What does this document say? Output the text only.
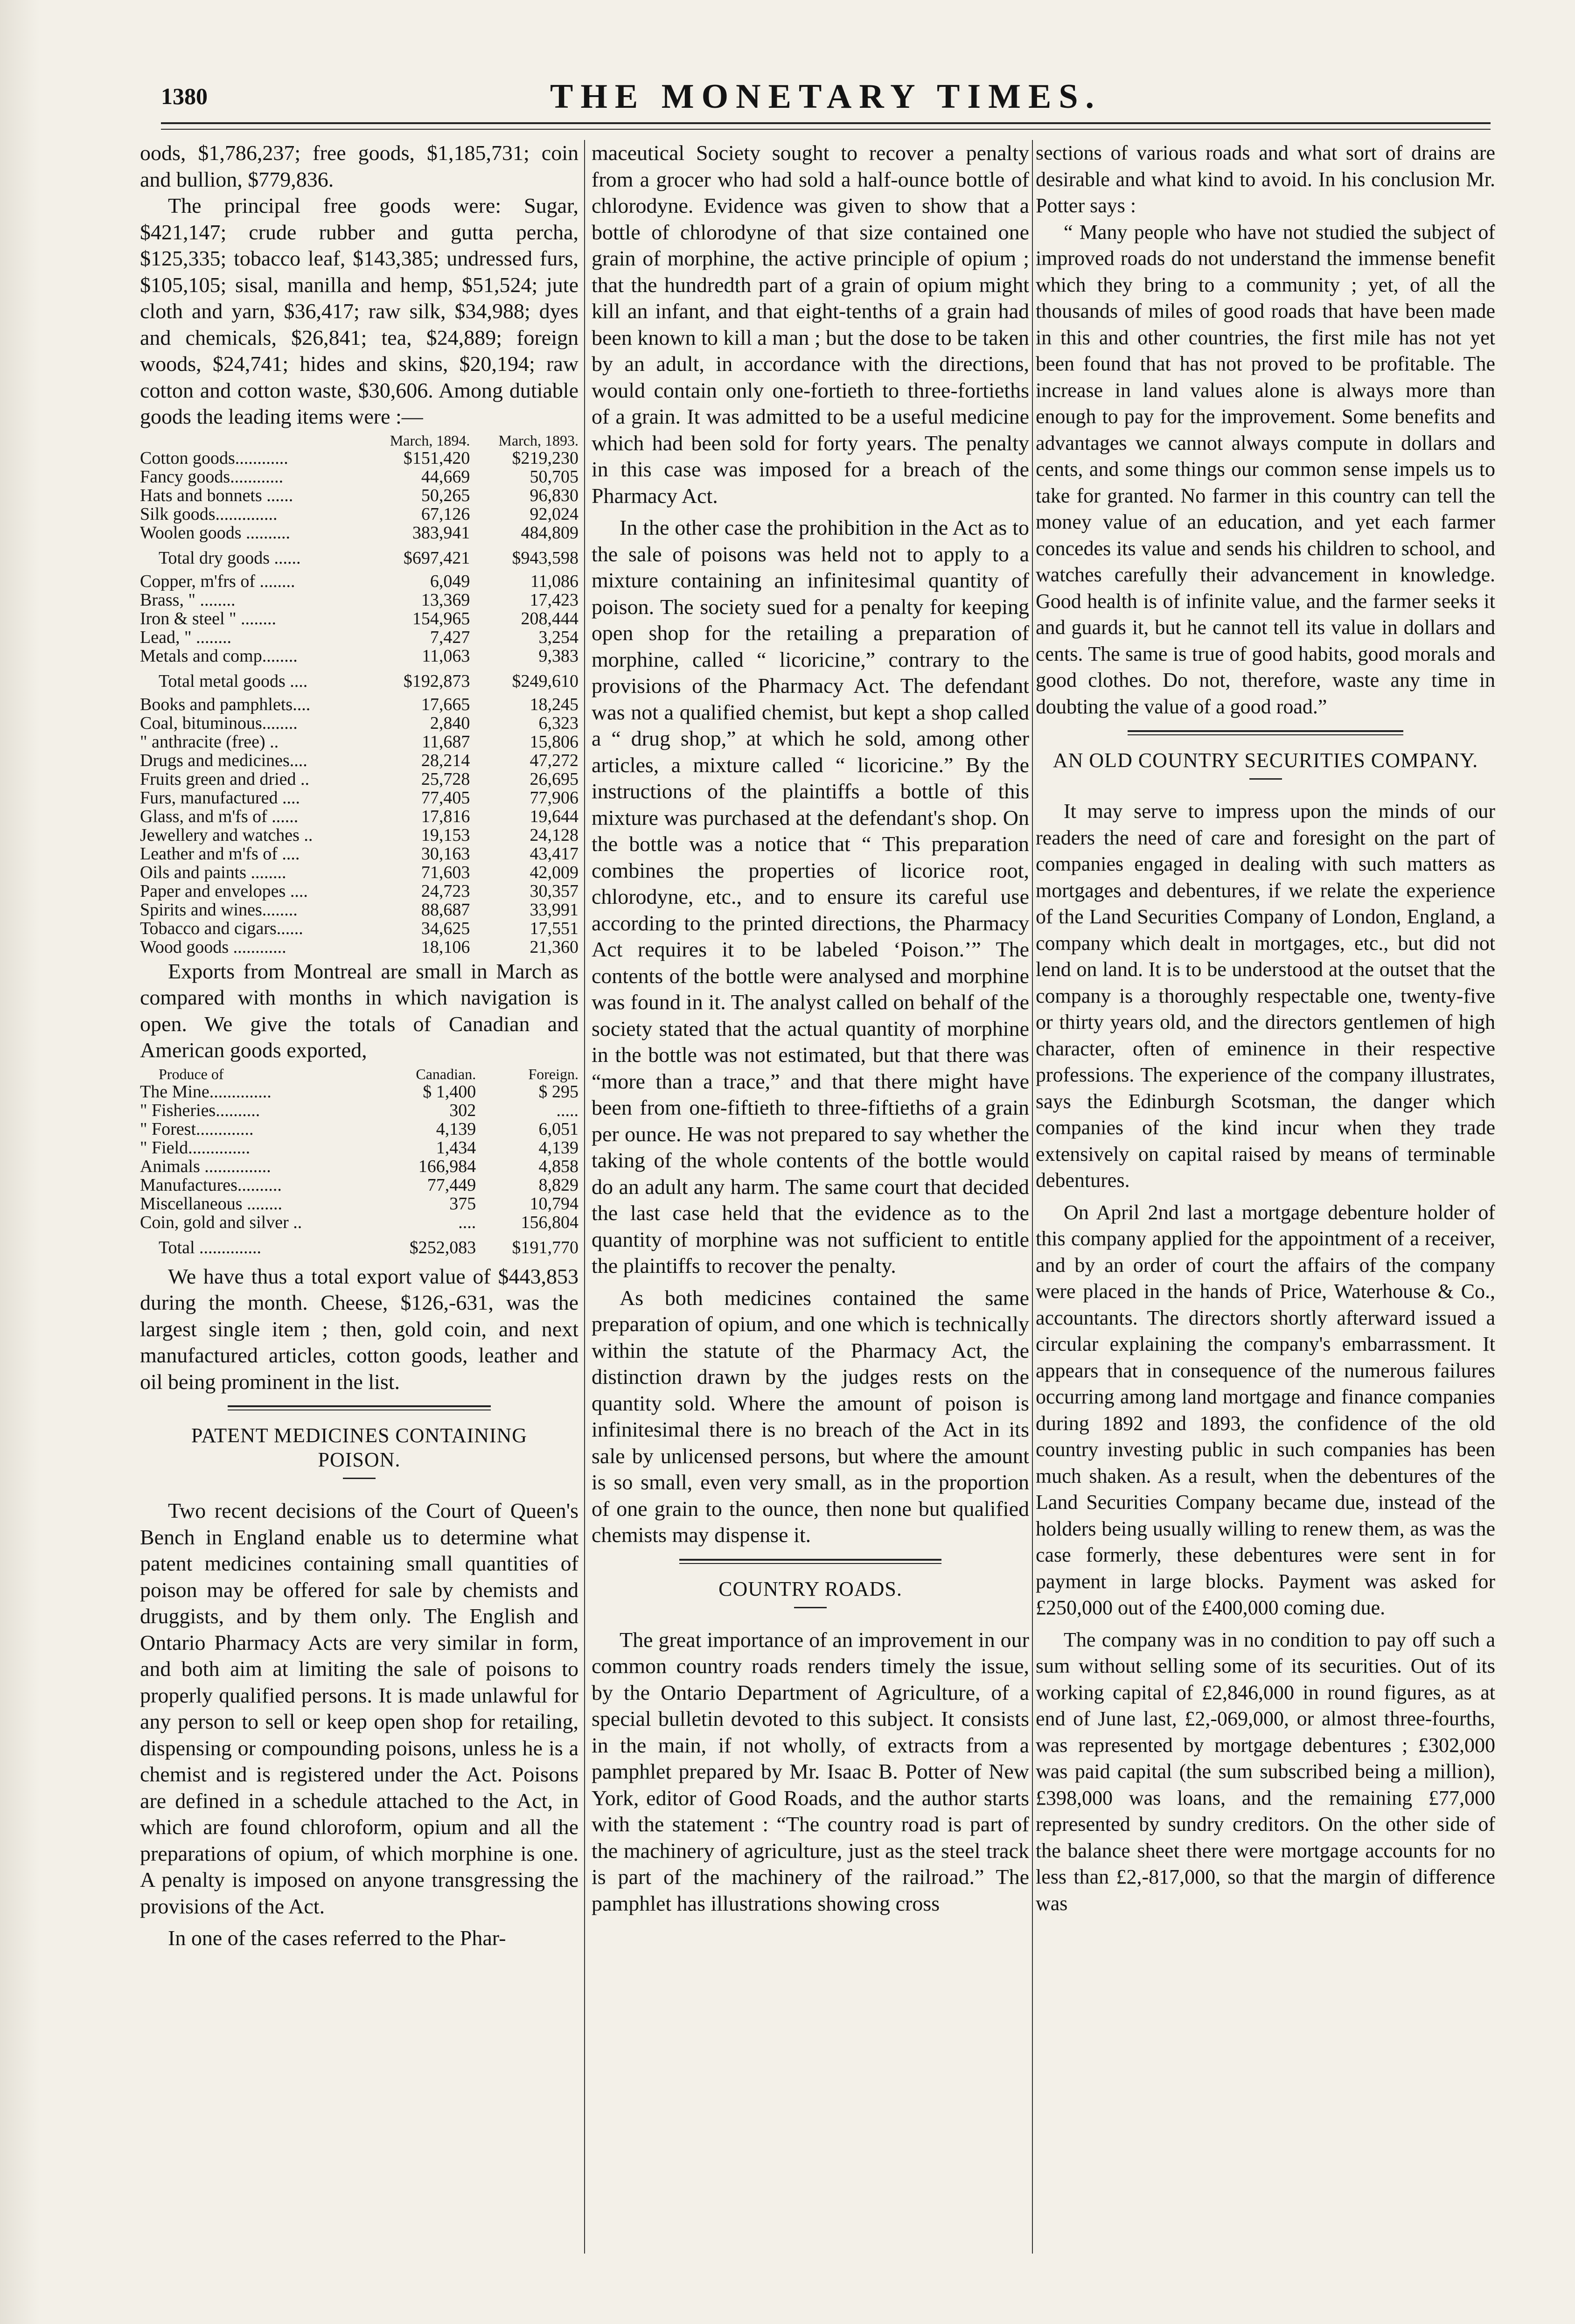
1380	THE MONETARY TIMES.

oods, $1,786,237; free goods, $1,185,731; coin and bullion, $779,836.

The principal free goods were: Sugar, $421,147; crude rubber and gutta percha, $125,335; tobacco leaf, $143,385; undressed furs, $105,105; sisal, manilla and hemp, $51,524; jute cloth and yarn, $36,417; raw silk, $34,988; dyes and chemicals, $26,841; tea, $24,889; foreign woods, $24,741; hides and skins, $20,194; raw cotton and cotton waste, $30,606. Among dutiable goods the leading items were :—

	March, 1894.	March, 1893.
Cotton goods............	$151,420	$219,230
Fancy goods............	44,669	50,705
Hats and bonnets ......	50,265	96,830
Silk goods..............	67,126	92,024
Woolen goods ..........	383,941	484,809
Total dry goods ......	$697,421	$943,598
Copper, m'frs of ........	6,049	11,086
Brass, " ........	13,369	17,423
Iron & steel " ........	154,965	208,444
Lead, " ........	7,427	3,254
Metals and comp........	11,063	9,383
Total metal goods ....	$192,873	$249,610
Books and pamphlets....	17,665	18,245
Coal, bituminous........	2,840	6,323
" anthracite (free) ..	11,687	15,806
Drugs and medicines....	28,214	47,272
Fruits green and dried ..	25,728	26,695
Furs, manufactured ....	77,405	77,906
Glass, and m'fs of ......	17,816	19,644
Jewellery and watches ..	19,153	24,128
Leather and m'fs of ....	30,163	43,417
Oils and paints ........	71,603	42,009
Paper and envelopes ....	24,723	30,357
Spirits and wines........	88,687	33,991
Tobacco and cigars......	34,625	17,551
Wood goods ............	18,106	21,360

Exports from Montreal are small in March as compared with months in which navigation is open. We give the totals of Canadian and American goods exported,

Produce of	Canadian.	Foreign.
The Mine..............	$ 1,400	$ 295
" Fisheries..........	302	.....
" Forest.............	4,139	6,051
" Field..............	1,434	4,139
Animals ...............	166,984	4,858
Manufactures..........	77,449	8,829
Miscellaneous ........	375	10,794
Coin, gold and silver ..	....	156,804
Total ..............	$252,083	$191,770

We have thus a total export value of $443,853 during the month. Cheese, $126,-631, was the largest single item ; then, gold coin, and next manufactured articles, cotton goods, leather and oil being prominent in the list.

PATENT MEDICINES CONTAINING POISON.

Two recent decisions of the Court of Queen's Bench in England enable us to determine what patent medicines containing small quantities of poison may be offered for sale by chemists and druggists, and by them only. The English and Ontario Pharmacy Acts are very similar in form, and both aim at limiting the sale of poisons to properly qualified persons. It is made unlawful for any person to sell or keep open shop for retailing, dispensing or compounding poisons, unless he is a chemist and is registered under the Act. Poisons are defined in a schedule attached to the Act, in which are found chloroform, opium and all the preparations of opium, of which morphine is one. A penalty is imposed on anyone transgressing the provisions of the Act.

In one of the cases referred to the Phar-

maceutical Society sought to recover a penalty from a grocer who had sold a half-ounce bottle of chlorodyne. Evidence was given to show that a bottle of chlorodyne of that size contained one grain of morphine, the active principle of opium ; that the hundredth part of a grain of opium might kill an infant, and that eight-tenths of a grain had been known to kill a man ; but the dose to be taken by an adult, in accordance with the directions, would contain only one-fortieth to three-fortieths of a grain. It was admitted to be a useful medicine which had been sold for forty years. The penalty in this case was imposed for a breach of the Pharmacy Act.

In the other case the prohibition in the Act as to the sale of poisons was held not to apply to a mixture containing an infinitesimal quantity of poison. The society sued for a penalty for keeping open shop for the retailing a preparation of morphine, called “ licoricine,” contrary to the provisions of the Pharmacy Act. The defendant was not a qualified chemist, but kept a shop called a “ drug shop,” at which he sold, among other articles, a mixture called “ licoricine.” By the instructions of the plaintiffs a bottle of this mixture was purchased at the defendant's shop. On the bottle was a notice that “ This preparation combines the properties of licorice root, chlorodyne, etc., and to ensure its careful use according to the printed directions, the Pharmacy Act requires it to be labeled ‘Poison.’” The contents of the bottle were analysed and morphine was found in it. The analyst called on behalf of the society stated that the actual quantity of morphine in the bottle was not estimated, but that there was “more than a trace,” and that there might have been from one-fiftieth to three-fiftieths of a grain per ounce. He was not prepared to say whether the taking of the whole contents of the bottle would do an adult any harm. The same court that decided the last case held that the evidence as to the quantity of morphine was not sufficient to entitle the plaintiffs to recover the penalty.

As both medicines contained the same preparation of opium, and one which is technically within the statute of the Pharmacy Act, the distinction drawn by the judges rests on the quantity sold. Where the amount of poison is infinitesimal there is no breach of the Act in its sale by unlicensed persons, but where the amount is so small, even very small, as in the proportion of one grain to the ounce, then none but qualified chemists may dispense it.

COUNTRY ROADS.

The great importance of an improvement in our common country roads renders timely the issue, by the Ontario Department of Agriculture, of a special bulletin devoted to this subject. It consists in the main, if not wholly, of extracts from a pamphlet prepared by Mr. Isaac B. Potter of New York, editor of Good Roads, and the author starts with the statement : “The country road is part of the machinery of agriculture, just as the steel track is part of the machinery of the railroad.” The pamphlet has illustrations showing cross

sections of various roads and what sort of drains are desirable and what kind to avoid. In his conclusion Mr. Potter says :

“ Many people who have not studied the subject of improved roads do not understand the immense benefit which they bring to a community ; yet, of all the thousands of miles of good roads that have been made in this and other countries, the first mile has not yet been found that has not proved to be profitable. The increase in land values alone is always more than enough to pay for the improvement. Some benefits and advantages we cannot always compute in dollars and cents, and some things our common sense impels us to take for granted. No farmer in this country can tell the money value of an education, and yet each farmer concedes its value and sends his children to school, and watches carefully their advancement in knowledge. Good health is of infinite value, and the farmer seeks it and guards it, but he cannot tell its value in dollars and cents. The same is true of good habits, good morals and good clothes. Do not, therefore, waste any time in doubting the value of a good road.”

AN OLD COUNTRY SECURITIES COMPANY.

It may serve to impress upon the minds of our readers the need of care and foresight on the part of companies engaged in dealing with such matters as mortgages and debentures, if we relate the experience of the Land Securities Company of London, England, a company which dealt in mortgages, etc., but did not lend on land. It is to be understood at the outset that the company is a thoroughly respectable one, twenty-five or thirty years old, and the directors gentlemen of high character, often of eminence in their respective professions. The experience of the company illustrates, says the Edinburgh Scotsman, the danger which companies of the kind incur when they trade extensively on capital raised by means of terminable debentures.

On April 2nd last a mortgage debenture holder of this company applied for the appointment of a receiver, and by an order of court the affairs of the company were placed in the hands of Price, Waterhouse & Co., accountants. The directors shortly afterward issued a circular explaining the company's embarrassment. It appears that in consequence of the numerous failures occurring among land mortgage and finance companies during 1892 and 1893, the confidence of the old country investing public in such companies has been much shaken. As a result, when the debentures of the Land Securities Company became due, instead of the holders being usually willing to renew them, as was the case formerly, these debentures were sent in for payment in large blocks. Payment was asked for £250,000 out of the £400,000 coming due.

The company was in no condition to pay off such a sum without selling some of its securities. Out of its working capital of £2,846,000 in round figures, as at end of June last, £2,-069,000, or almost three-fourths, was represented by mortgage debentures ; £302,000 was paid capital (the sum subscribed being a million), £398,000 was loans, and the remaining £77,000 represented by sundry creditors. On the other side of the balance sheet there were mortgage accounts for no less than £2,-817,000, so that the margin of difference was
